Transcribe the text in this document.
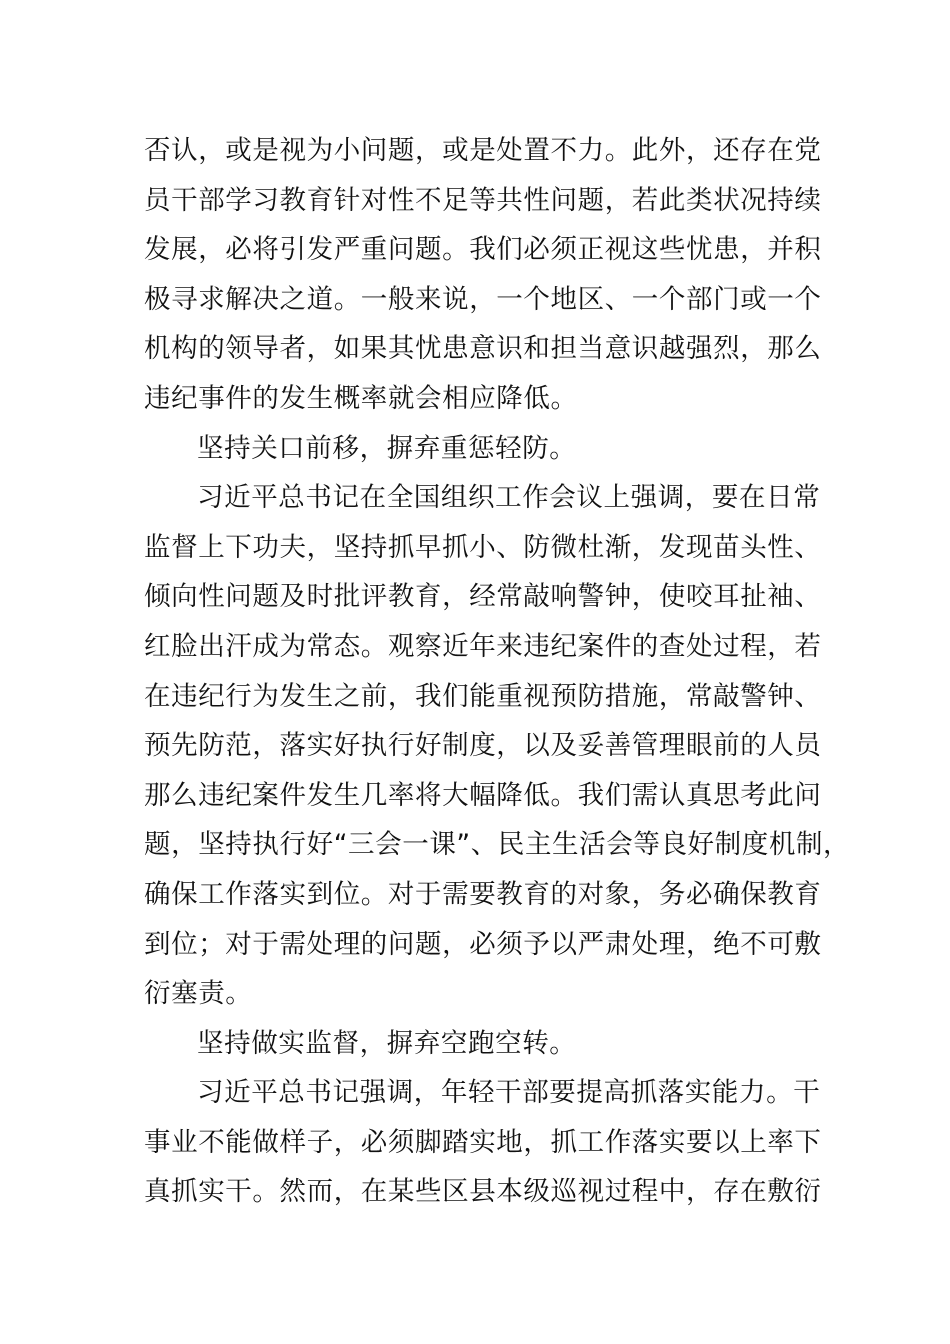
否认，或是视为小问题，或是处置不力。此外，还存在党
员干部学习教育针对性不足等共性问题，若此类状况持续
发展，必将引发严重问题。我们必须正视这些忧患，并积
极寻求解决之道。一般来说，一个地区、一个部门或一个
机构的领导者，如果其忧患意识和担当意识越强烈，那么
违纪事件的发生概率就会相应降低。
坚持关口前移，摒弃重惩轻防。
习近平总书记在全国组织工作会议上强调，要在日常
监督上下功夫，坚持抓早抓小、防微杜渐，发现苗头性、
倾向性问题及时批评教育，经常敲响警钟，使咬耳扯袖、
红脸出汗成为常态。观察近年来违纪案件的查处过程，若
在违纪行为发生之前，我们能重视预防措施，常敲警钟、
预先防范，落实好执行好制度，以及妥善管理眼前的人员
那么违纪案件发生几率将大幅降低。我们需认真思考此问
题，坚持执行好“三会一课”、民主生活会等良好制度机制，
确保工作落实到位。对于需要教育的对象，务必确保教育
到位；对于需处理的问题，必须予以严肃处理，绝不可敷
衍塞责。
坚持做实监督，摒弃空跑空转。
习近平总书记强调，年轻干部要提高抓落实能力。干
事业不能做样子，必须脚踏实地，抓工作落实要以上率下
真抓实干。然而，在某些区县本级巡视过程中，存在敷衍
